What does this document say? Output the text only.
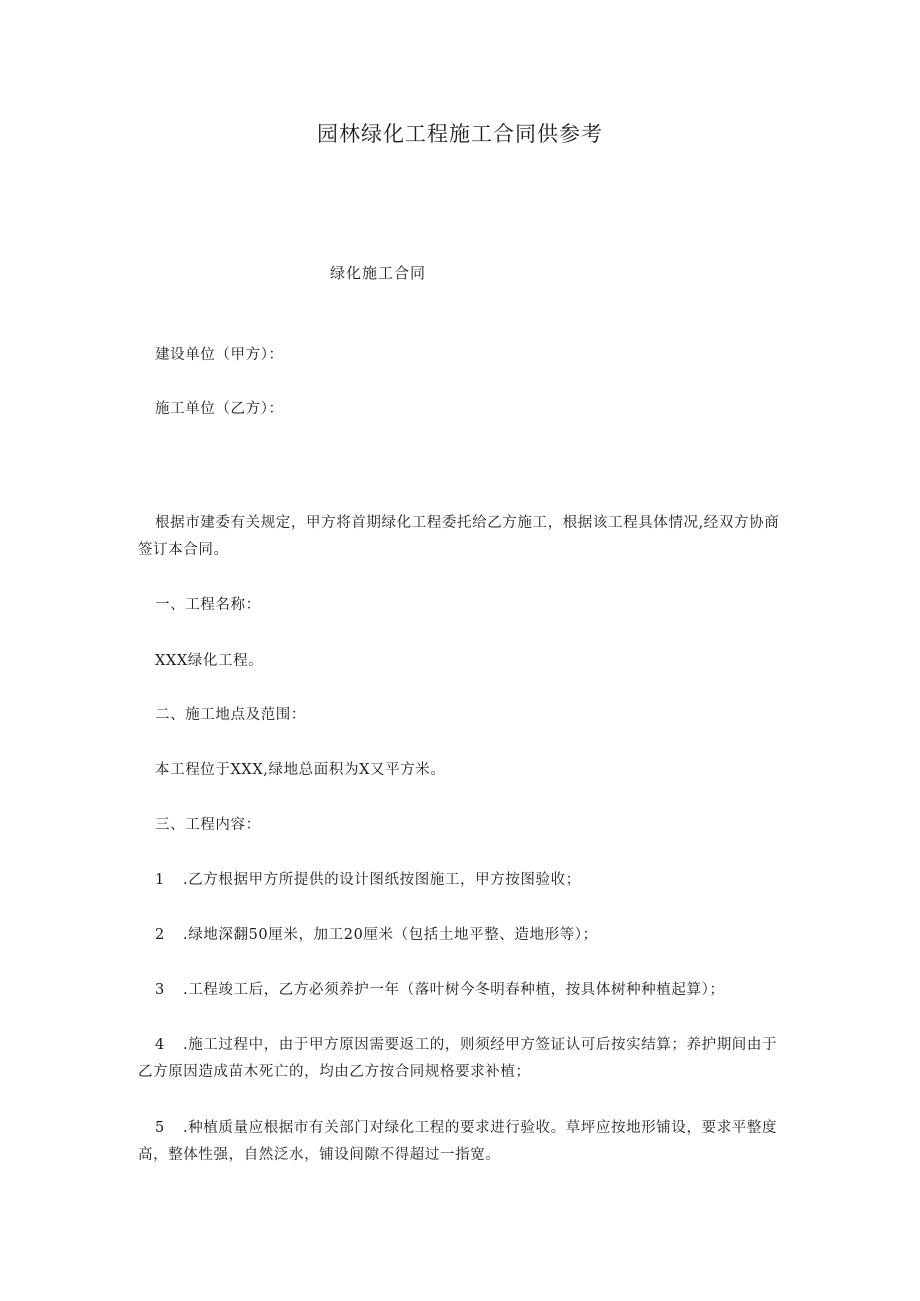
园林绿化工程施工合同供参考
绿化施工合同
建设单位（甲方）：
施工单位（乙方）：
根据市建委有关规定，甲方将首期绿化工程委托给乙方施工，根据该工程具体情况,经双方协商签订本合同。
一、工程名称：
XXX绿化工程。
二、施工地点及范围：
本工程位于XXX,绿地总面积为X又平方米。
三、工程内容：
1 .乙方根据甲方所提供的设计图纸按图施工，甲方按图验收；
2 .绿地深翻50厘米，加工20厘米（包括土地平整、造地形等）；
3 .工程竣工后，乙方必须养护一年（落叶树今冬明春种植，按具体树种种植起算）；
4 .施工过程中，由于甲方原因需要返工的，则须经甲方签证认可后按实结算；养护期间由于乙方原因造成苗木死亡的，均由乙方按合同规格要求补植；
5 .种植质量应根据市有关部门对绿化工程的要求进行验收。草坪应按地形铺设，要求平整度高，整体性强，自然泛水，铺设间隙不得超过一指宽。
